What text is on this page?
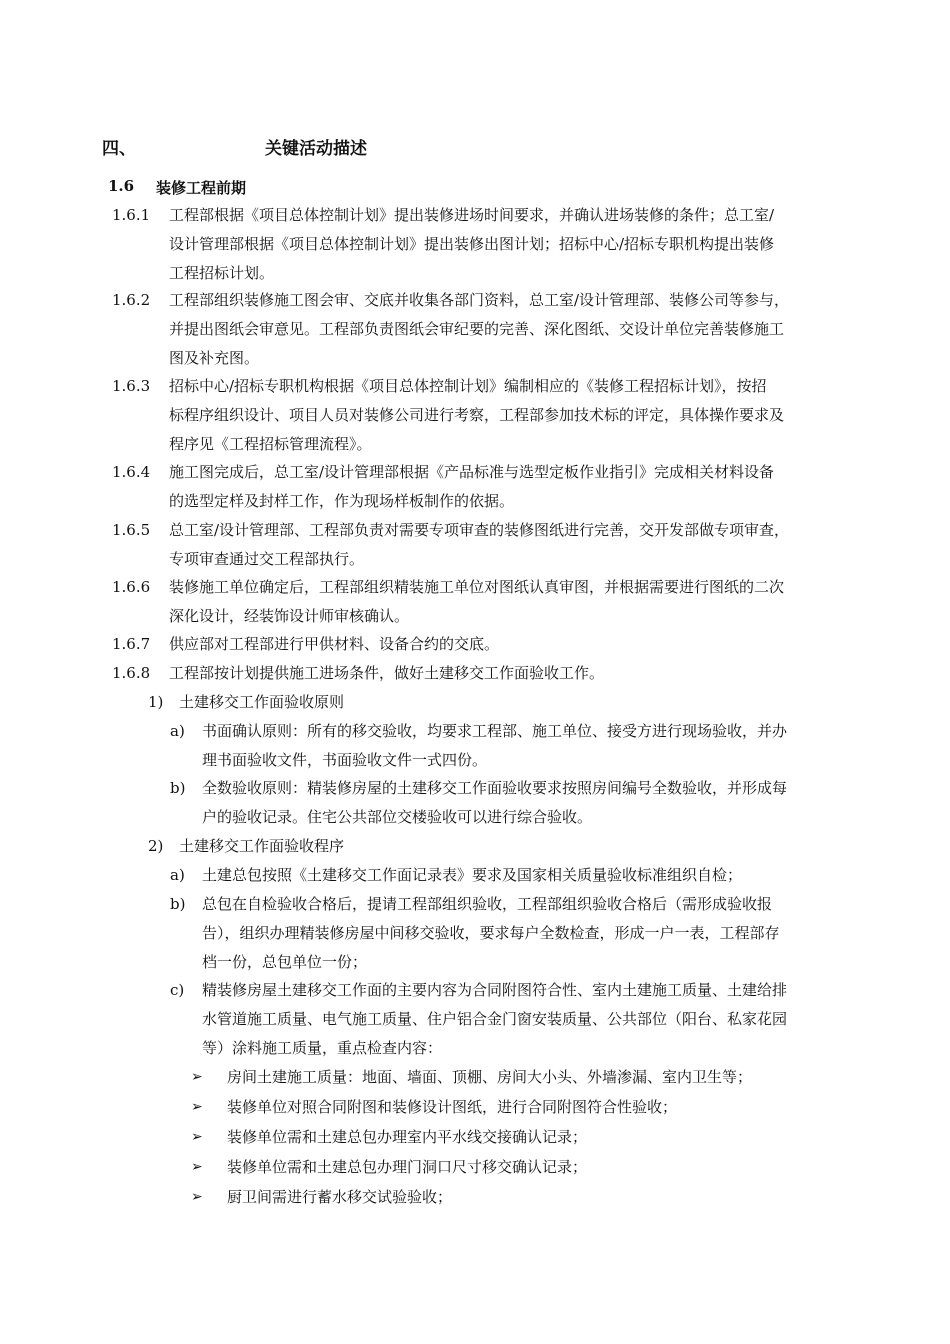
四、	关键活动描述
1.6 装修工程前期
1.6.1	工程部根据《项目总体控制计划》提出装修进场时间要求，并确认进场装修的条件；总工室/
设计管理部根据《项目总体控制计划》提出装修出图计划；招标中心/招标专职机构提出装修
工程招标计划。
1.6.2	工程部组织装修施工图会审、交底并收集各部门资料，总工室/设计管理部、装修公司等参与，
并提出图纸会审意见。工程部负责图纸会审纪要的完善、深化图纸、交设计单位完善装修施工
图及补充图。
1.6.3	招标中心/招标专职机构根据《项目总体控制计划》编制相应的《装修工程招标计划》，按招
标程序组织设计、项目人员对装修公司进行考察，工程部参加技术标的评定，具体操作要求及
程序见《工程招标管理流程》。
1.6.4	施工图完成后，总工室/设计管理部根据《产品标准与选型定板作业指引》完成相关材料设备
的选型定样及封样工作，作为现场样板制作的依据。
1.6.5	总工室/设计管理部、工程部负责对需要专项审查的装修图纸进行完善，交开发部做专项审查，
专项审查通过交工程部执行。
1.6.6	装修施工单位确定后，工程部组织精装施工单位对图纸认真审图，并根据需要进行图纸的二次
深化设计，经装饰设计师审核确认。
1.6.7	供应部对工程部进行甲供材料、设备合约的交底。
1.6.8	工程部按计划提供施工进场条件，做好土建移交工作面验收工作。
1) 土建移交工作面验收原则
a) 书面确认原则：所有的移交验收，均要求工程部、施工单位、接受方进行现场验收，并办
理书面验收文件，书面验收文件一式四份。
b) 全数验收原则：精装修房屋的土建移交工作面验收要求按照房间编号全数验收，并形成每
户的验收记录。住宅公共部位交楼验收可以进行综合验收。
2) 土建移交工作面验收程序
a) 土建总包按照《土建移交工作面记录表》要求及国家相关质量验收标准组织自检；
b) 总包在自检验收合格后，提请工程部组织验收，工程部组织验收合格后（需形成验收报
告），组织办理精装修房屋中间移交验收，要求每户全数检查，形成一户一表，工程部存
档一份，总包单位一份；
c) 精装修房屋土建移交工作面的主要内容为合同附图符合性、室内土建施工质量、土建给排
水管道施工质量、电气施工质量、住户铝合金门窗安装质量、公共部位（阳台、私家花园
等）涂料施工质量，重点检查内容：
➢ 房间土建施工质量：地面、墙面、顶棚、房间大小头、外墙渗漏、室内卫生等；
➢ 装修单位对照合同附图和装修设计图纸，进行合同附图符合性验收；
➢ 装修单位需和土建总包办理室内平水线交接确认记录；
➢ 装修单位需和土建总包办理门洞口尺寸移交确认记录；
➢ 厨卫间需进行蓄水移交试验验收；
